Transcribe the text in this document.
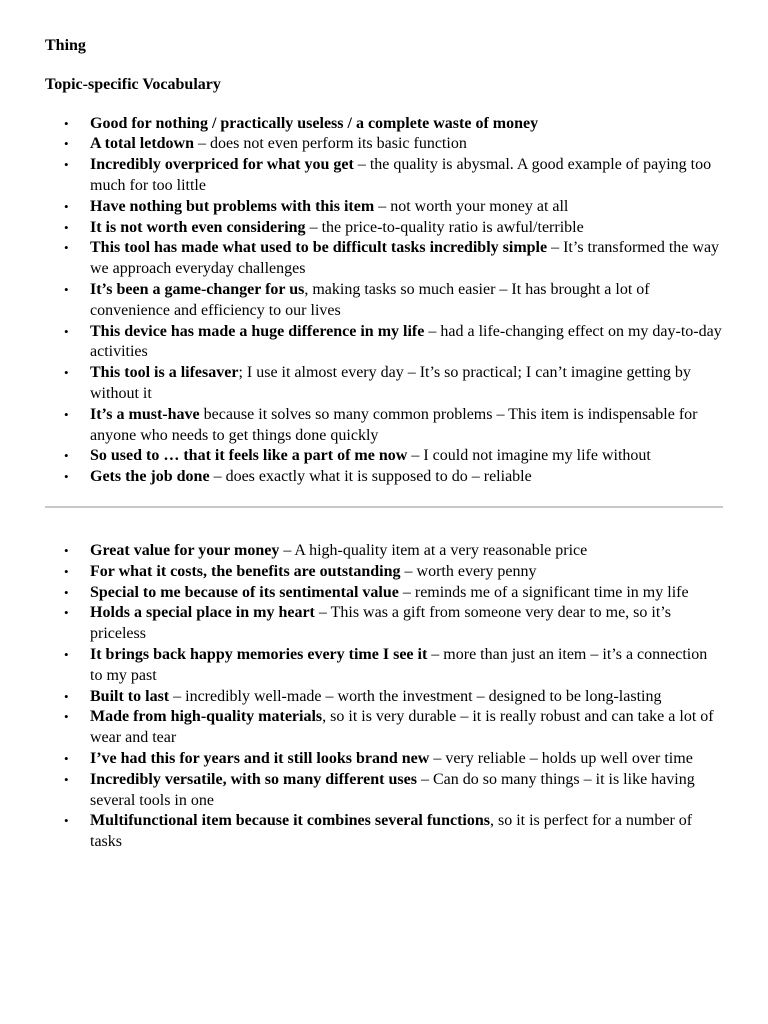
Thing

Topic-specific Vocabulary

• Good for nothing / practically useless / a complete waste of money
• A total letdown – does not even perform its basic function
• Incredibly overpriced for what you get – the quality is abysmal. A good example of paying too much for too little
• Have nothing but problems with this item – not worth your money at all
• It is not worth even considering – the price-to-quality ratio is awful/terrible
• This tool has made what used to be difficult tasks incredibly simple – It’s transformed the way we approach everyday challenges
• It’s been a game-changer for us, making tasks so much easier – It has brought a lot of convenience and efficiency to our lives
• This device has made a huge difference in my life – had a life-changing effect on my day-to-day activities
• This tool is a lifesaver; I use it almost every day – It’s so practical; I can’t imagine getting by without it
• It’s a must-have because it solves so many common problems – This item is indispensable for anyone who needs to get things done quickly
• So used to … that it feels like a part of me now – I could not imagine my life without
• Gets the job done – does exactly what it is supposed to do – reliable
• Great value for your money – A high-quality item at a very reasonable price
• For what it costs, the benefits are outstanding – worth every penny
• Special to me because of its sentimental value – reminds me of a significant time in my life
• Holds a special place in my heart – This was a gift from someone very dear to me, so it’s priceless
• It brings back happy memories every time I see it – more than just an item – it’s a connection to my past
• Built to last – incredibly well-made – worth the investment – designed to be long-lasting
• Made from high-quality materials, so it is very durable – it is really robust and can take a lot of wear and tear
• I’ve had this for years and it still looks brand new – very reliable – holds up well over time
• Incredibly versatile, with so many different uses – Can do so many things – it is like having several tools in one
• Multifunctional item because it combines several functions, so it is perfect for a number of tasks
